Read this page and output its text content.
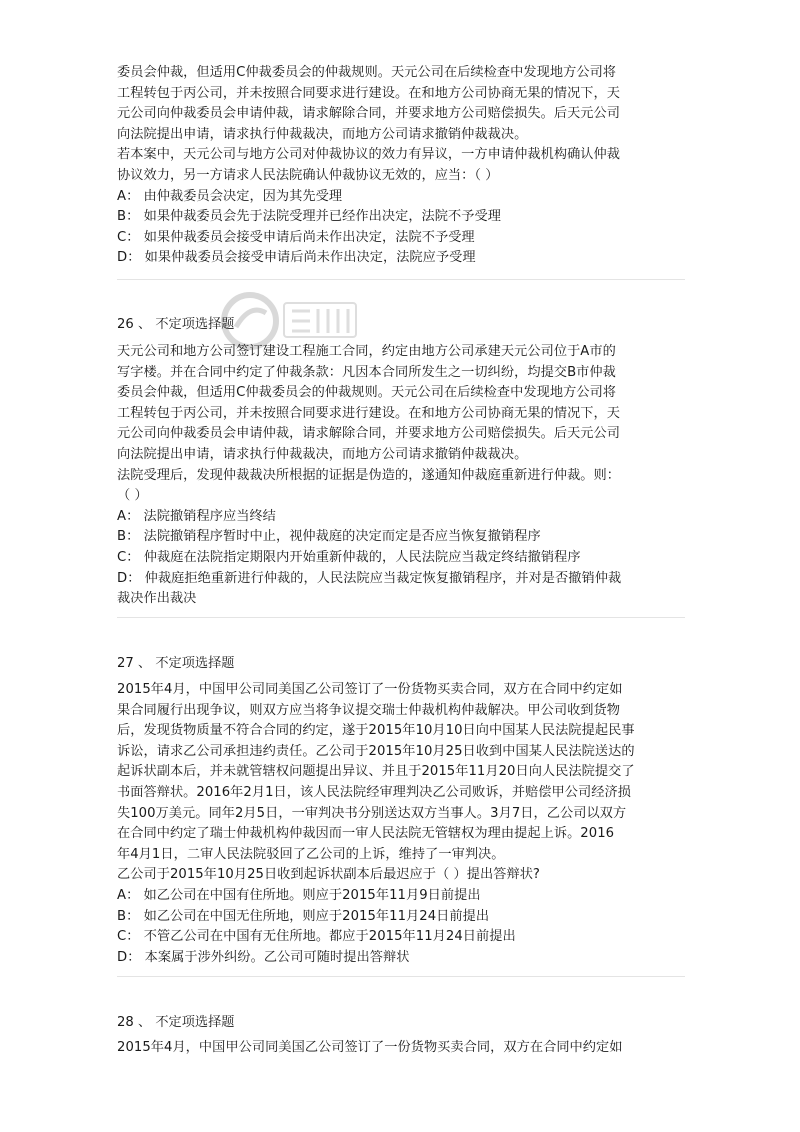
委员会仲裁，但适用C仲裁委员会的仲裁规则。天元公司在后续检查中发现地方公司将
工程转包于丙公司，并未按照合同要求进行建设。在和地方公司协商无果的情况下，天
元公司向仲裁委员会申请仲裁，请求解除合同，并要求地方公司赔偿损失。后天元公司
向法院提出申请，请求执行仲裁裁决，而地方公司请求撤销仲裁裁决。
若本案中，天元公司与地方公司对仲裁协议的效力有异议，一方申请仲裁机构确认仲裁
协议效力，另一方请求人民法院确认仲裁协议无效的，应当：（ ）
A： 由仲裁委员会决定，因为其先受理
B： 如果仲裁委员会先于法院受理并已经作出决定，法院不予受理
C： 如果仲裁委员会接受申请后尚未作出决定，法院不予受理
D： 如果仲裁委员会接受申请后尚未作出决定，法院应予受理
26 、 不定项选择题
天元公司和地方公司签订建设工程施工合同，约定由地方公司承建天元公司位于A市的
写字楼。并在合同中约定了仲裁条款：凡因本合同所发生之一切纠纷，均提交B市仲裁
委员会仲裁，但适用C仲裁委员会的仲裁规则。天元公司在后续检查中发现地方公司将
工程转包于丙公司，并未按照合同要求进行建设。在和地方公司协商无果的情况下，天
元公司向仲裁委员会申请仲裁，请求解除合同，并要求地方公司赔偿损失。后天元公司
向法院提出申请，请求执行仲裁裁决，而地方公司请求撤销仲裁裁决。
法院受理后，发现仲裁裁决所根据的证据是伪造的，遂通知仲裁庭重新进行仲裁。则：
（ ）
A： 法院撤销程序应当终结
B： 法院撤销程序暂时中止，视仲裁庭的决定而定是否应当恢复撤销程序
C： 仲裁庭在法院指定期限内开始重新仲裁的，人民法院应当裁定终结撤销程序
D： 仲裁庭拒绝重新进行仲裁的，人民法院应当裁定恢复撤销程序，并对是否撤销仲裁
裁决作出裁决
27 、 不定项选择题
2015年4月，中国甲公司同美国乙公司签订了一份货物买卖合同，双方在合同中约定如
果合同履行出现争议，则双方应当将争议提交瑞士仲裁机构仲裁解决。甲公司收到货物
后，发现货物质量不符合合同的约定，遂于2015年10月10日向中国某人民法院提起民事
诉讼，请求乙公司承担违约责任。乙公司于2015年10月25日收到中国某人民法院送达的
起诉状副本后，并未就管辖权问题提出异议、并且于2015年11月20日向人民法院提交了
书面答辩状。2016年2月1日，该人民法院经审理判决乙公司败诉，并赔偿甲公司经济损
失100万美元。同年2月5日，一审判决书分别送达双方当事人。3月7日，乙公司以双方
在合同中约定了瑞士仲裁机构仲裁因而一审人民法院无管辖权为理由提起上诉。2016
年4月1日，二审人民法院驳回了乙公司的上诉，维持了一审判决。
乙公司于2015年10月25日收到起诉状副本后最迟应于（ ）提出答辩状?
A： 如乙公司在中国有住所地。则应于2015年11月9日前提出
B： 如乙公司在中国无住所地，则应于2015年11月24日前提出
C： 不管乙公司在中国有无住所地。都应于2015年11月24日前提出
D： 本案属于涉外纠纷。乙公司可随时提出答辩状
28 、 不定项选择题
2015年4月，中国甲公司同美国乙公司签订了一份货物买卖合同，双方在合同中约定如
